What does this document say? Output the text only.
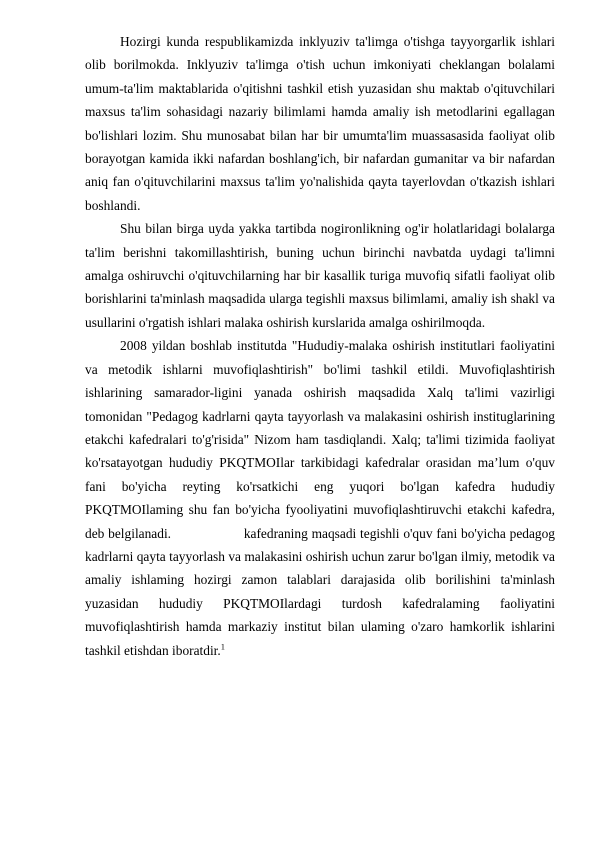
Hozirgi kunda respublikamizda inklyuziv ta'limga o'tishga tayyorgarlik ishlari olib borilmokda. Inklyuziv ta'limga o'tish uchun imkoniyati cheklangan bolalami umum-ta'lim maktablarida o'qitishni tashkil etish yuzasidan shu maktab o'qituvchilari maxsus ta'lim sohasidagi nazariy bilimlami hamda amaliy ish metodlarini egallagan bo'lishlari lozim. Shu munosabat bilan har bir umumta'lim muassasasida faoliyat olib borayotgan kamida ikki nafardan boshlang'ich, bir nafardan gumanitar va bir nafardan aniq fan o'qituvchilarini maxsus ta'lim yo'nalishida qayta tayerlovdan o'tkazish ishlari boshlandi.

Shu bilan birga uyda yakka tartibda nogironlikning og'ir holatlaridagi bolalarga ta'lim berishni takomillashtirish, buning uchun birinchi navbatda uydagi ta'limni amalga oshiruvchi o'qituvchilarning har bir kasallik turiga muvofiq sifatli faoliyat olib borishlarini ta'minlash maqsadida ularga tegishli maxsus bilimlami, amaliy ish shakl va usullarini o'rgatish ishlari malaka oshirish kurslarida amalga oshirilmoqda.

2008 yildan boshlab institutda "Hududiy-malaka oshirish institutlari faoliyatini va metodik ishlarni muvofiqlashtirish" bo'limi tashkil etildi. Muvofiqlashtirish ishlarining samarador-ligini yanada oshirish maqsadida Xalq ta'limi vazirligi tomonidan "Pedagog kadrlarni qayta tayyorlash va malakasini oshirish instituglarining etakchi kafedralari to'g'risida" Nizom ham tasdiqlandi. Xalq; ta'limi tizimida faoliyat ko'rsatayotgan hududiy PKQTMOIlar tarkibidagi kafedralar orasidan ma’lum o'quv fani bo'yicha reyting ko'rsatkichi eng yuqori bo'lgan kafedra hududiy PKQTMOIlaming shu fan bo'yicha fyooliyatini muvofiqlashtiruvchi etakchi kafedra, deb belgilanadi.                   kafedraning maqsadi tegishli o'quv fani bo'yicha pedagog kadrlarni qayta tayyorlash va malakasini oshirish uchun zarur bo'lgan ilmiy, metodik va amaliy ishlaming hozirgi zamon talablari darajasida olib borilishini ta'minlash yuzasidan hududiy PKQTMOIlardagi turdosh kafedralaming faoliyatini muvofiqlashtirish hamda markaziy institut bilan ulaming o'zaro hamkorlik ishlarini tashkil etishdan iboratdir.$^1$
